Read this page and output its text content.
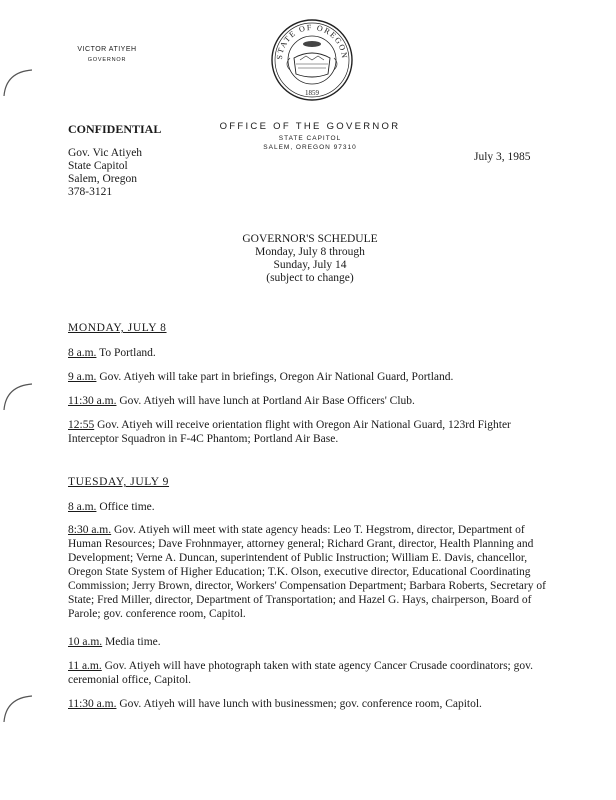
VICTOR ATIYEH
GOVERNOR
STATE OF OREGON
1859
CONFIDENTIAL	OFFICE OF THE GOVERNOR
STATE CAPITOL
SALEM, OREGON 97310
July 3, 1985
Gov. Vic Atiyeh
State Capitol
Salem, Oregon
378-3121
GOVERNOR'S SCHEDULE
Monday, July 8 through
Sunday, July 14
(subject to change)
MONDAY, JULY 8
8 a.m. To Portland.
9 a.m. Gov. Atiyeh will take part in briefings, Oregon Air National Guard, Portland.
11:30 a.m. Gov. Atiyeh will have lunch at Portland Air Base Officers' Club.
12:55 Gov. Atiyeh will receive orientation flight with Oregon Air National Guard, 123rd Fighter Interceptor Squadron in F-4C Phantom; Portland Air Base.
TUESDAY, JULY 9
8 a.m. Office time.
8:30 a.m. Gov. Atiyeh will meet with state agency heads: Leo T. Hegstrom, director, Department of Human Resources; Dave Frohnmayer, attorney general; Richard Grant, director, Health Planning and Development; Verne A. Duncan, superintendent of Public Instruction; William E. Davis, chancellor, Oregon State System of Higher Education; T.K. Olson, executive director, Educational Coordinating Commission; Jerry Brown, director, Workers' Compensation Department; Barbara Roberts, Secretary of State; Fred Miller, director, Department of Transportation; and Hazel G. Hays, chairperson, Board of Parole; gov. conference room, Capitol.
10 a.m. Media time.
11 a.m. Gov. Atiyeh will have photograph taken with state agency Cancer Crusade coordinators; gov. ceremonial office, Capitol.
11:30 a.m. Gov. Atiyeh will have lunch with businessmen; gov. conference room, Capitol.
